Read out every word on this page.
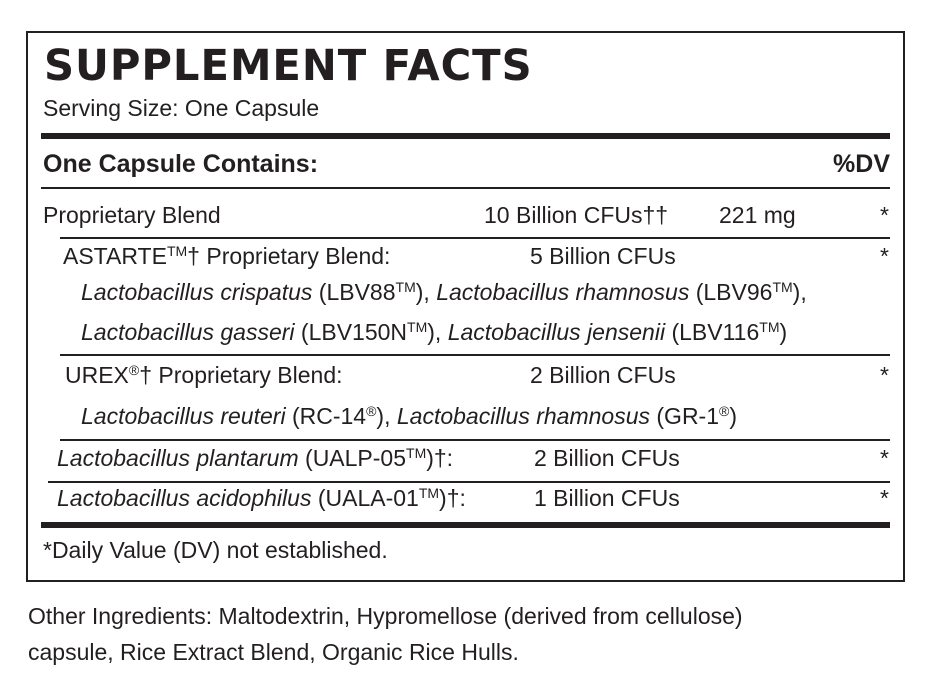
SUPPLEMENT FACTS
Serving Size: One Capsule
One Capsule Contains:	%DV
Proprietary Blend	10 Billion CFUs†† 221 mg	*
ASTARTE™† Proprietary Blend:	5 Billion CFUs	*
Lactobacillus crispatus (LBV88™), Lactobacillus rhamnosus (LBV96™),
Lactobacillus gasseri (LBV150N™), Lactobacillus jensenii (LBV116™)
UREX®† Proprietary Blend:	2 Billion CFUs	*
Lactobacillus reuteri (RC-14®), Lactobacillus rhamnosus (GR-1®)
Lactobacillus plantarum (UALP-05™)†:	2 Billion CFUs	*
Lactobacillus acidophilus (UALA-01™)†:	1 Billion CFUs	*
*Daily Value (DV) not established.
Other Ingredients: Maltodextrin, Hypromellose (derived from cellulose)
capsule, Rice Extract Blend, Organic Rice Hulls.
